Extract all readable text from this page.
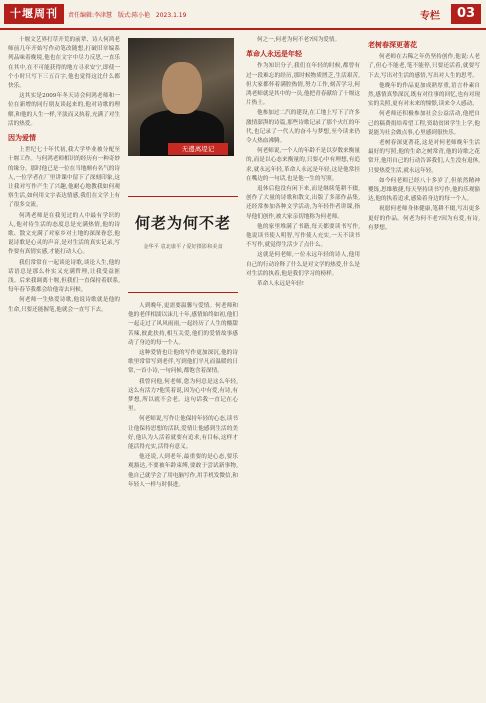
十堰周刊	责任编辑:李津慧 版式:陈小艳 2023.1.19	专栏	03

十堰文艺界打草开荒的前辈、诗人何鸿老师前几年开始写作动笔改随想,打破旧章编系列品味着晚境,他也在文字中尽力反思,一直乐在其中,在不可能获得的地方寻求安宁,即使一个小时只写下三五百字,他也觉得这比什么都快乐。

这其实是2009年冬天诗会何鸿老师和一位在新增的同行朋友谈起来的,他对诗歌的理解,和他的人生一样,平淡而又执着,充满了对生活的热爱。

因为爱情

上世纪七十年代初,我大学毕业被分配至十堰工作。与何鸿老师相识的经历有一种奇妙的缘分。那时他已是一位在当地颇有名气的诗人,一位学者在厂里讲课中留下了深刻印象,这让我对写作产生了兴趣,他耐心地教我如何观察生活,如何用文字表达情感,我们在文学上有了很多交流。

何鸿老师是在我见过的人中最有学识的人,他对待生活的态度总是充满热情,他的诗歌、散文充满了对家乡对土地的深深眷恋,他说诗歌是心灵的声音,是对生活的真实记录,写作要有真情实感,才能打动人心。

我们常常在一起谈论诗歌,谈论人生,他的话语总是那么朴实又充满哲理,让我受益匪浅。后来我调离十堰,但我们一直保持着联系,每年春节我都会给他寄去问候。

何老师一生热爱诗歌,他说诗歌就是他的生命,只要还能握笔,他就会一直写下去。

无邊离堤记
何老为何不老
金华平 袁北康平 / 爱好摄影和美食

人到晚年,更需要温馨与爱情。何老师和他的老伴相濡以沫几十年,感情始终如初,他们一起走过了风风雨雨,一起经历了人生的酸甜苦辣,彼此扶持,相互关爱,他们的爱情故事感动了身边的每一个人。

这种爱情也让他的写作更加深沉,他的诗歌里常常写到老伴,写到他们平凡而温暖的日常,一首小诗,一句问候,都饱含着深情。

我曾问他,何老师,您为何总是这么年轻,这么有活力?他笑着说,因为心中有爱,有诗,有梦想,所以就不会老。这句话我一直记在心里。

何老师说,写作让他保持年轻的心态,读书让他保持思想的活跃,爱情让他感到生活的美好,他认为人活着就要有追求,有目标,这样才能活得充实,活得有意义。

他还说,人到老年,最重要的是心态,要乐观豁达,不要被年龄束缚,要敢于尝试新事物,他自己就学会了用电脑写作,用手机发微信,和年轻人一样与时俱进。

何之一,何老为何不老?因为爱情。

革命人永远是年轻

作为知识分子,我们在年轻的时候,都曾有过一段难忘的经历,那时候物质匮乏,生活艰苦,但大家都怀着满腔热情,努力工作,刻苦学习,何鸿老师就是其中的一员,他把青春献给了十堰这片热土。

他参加过二汽的建设,在工地上写下了许多激情澎湃的诗篇,那些诗歌记录了那个火红的年代,也记录了一代人的奋斗与梦想,至今读来仍令人热血沸腾。

何老师说,一个人的年龄不是以岁数来衡量的,而是以心态来衡量的,只要心中有理想,有追求,就永远年轻,革命人永远是年轻,这是他常挂在嘴边的一句话,也是他一生的写照。

退休后他没有闲下来,而是继续笔耕不辍,创作了大量的诗歌和散文,出版了多部作品集,还经常参加各种文学活动,为年轻作者讲课,指导他们创作,被大家亲切地称为何老师。

他的家里堆满了书籍,每天都要读书写作,他说读书使人明智,写作使人充实,一天不读书不写作,就觉得生活少了点什么。

这就是何老师,一位永远年轻的诗人,他用自己的行动诠释了什么是对文学的热爱,什么是对生活的执着,他是我们学习的榜样。

革命人永远是年轻!

老树春深更著花

何老师在古稀之年仍坚持创作,他说:人老了,但心不能老,笔不能停,只要还活着,就要写下去,写出对生活的感悟,写出对人生的思考。

他晚年的作品更加成熟厚重,语言朴素自然,感情真挚深沉,既有对往事的回忆,也有对现实的关照,更有对未来的憧憬,读来令人感动。

何老师还积极参加社会公益活动,他把自己的稿费捐给希望工程,资助贫困学生上学,他说能为社会做点事,心里感到很快乐。

老树春深更著花,这是对何老师晚年生活最好的写照,他的生命之树常青,他的诗歌之花常开,他用自己的行动告诉我们,人生没有退休,只要热爱生活,就永远年轻。

如今何老师已经八十多岁了,但依然精神矍铄,思维敏捷,每天坚持读书写作,他的乐观豁达,他的执着追求,感染着身边的每一个人。

祝愿何老师身体健康,笔耕不辍,写出更多更好的作品。何老为何不老?因为有爱,有诗,有梦想。
